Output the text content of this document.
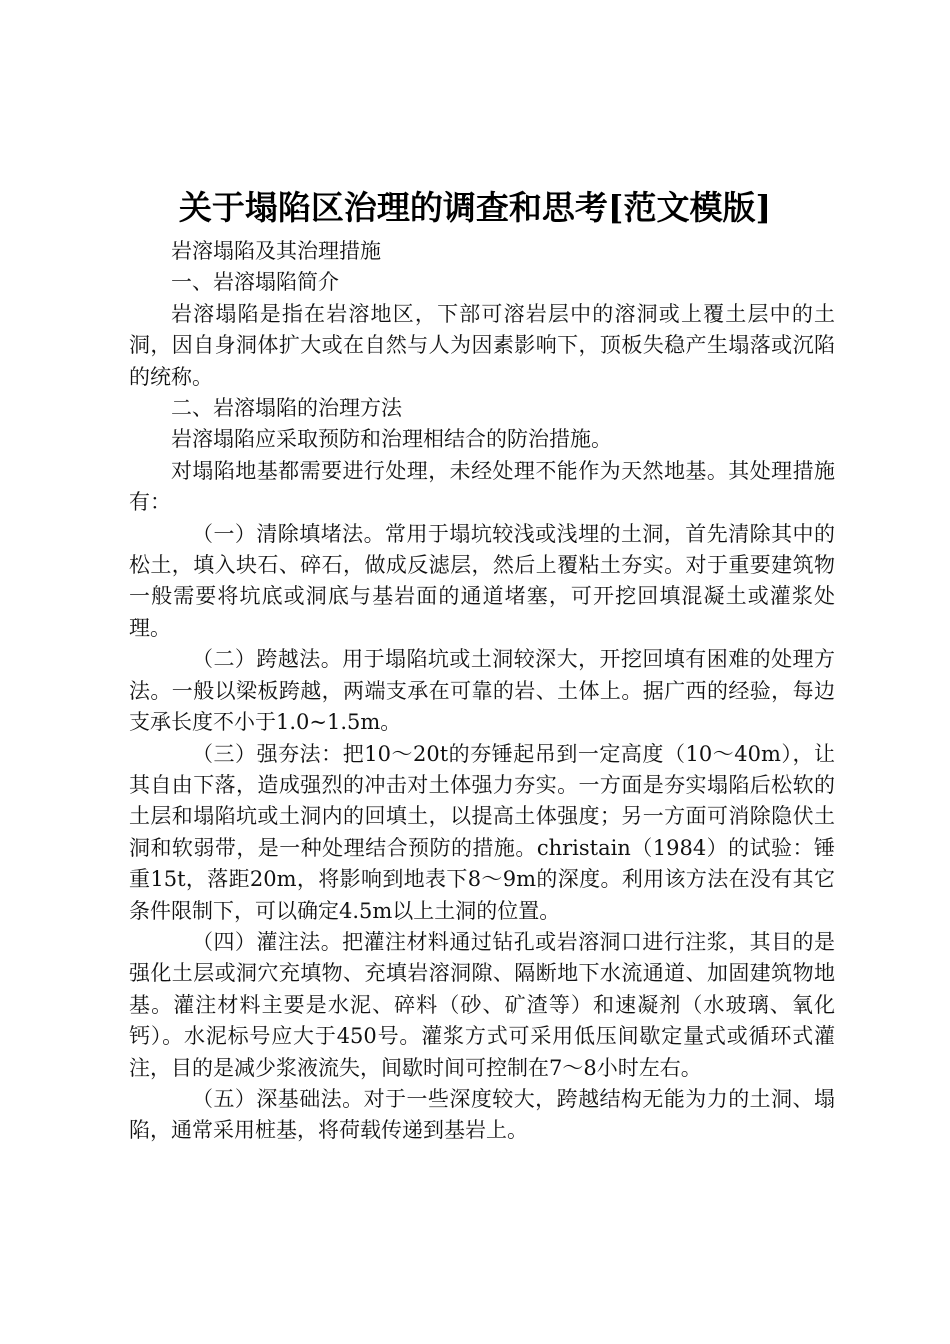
关于塌陷区治理的调查和思考[范文模版]

岩溶塌陷及其治理措施

一、岩溶塌陷简介

岩溶塌陷是指在岩溶地区，下部可溶岩层中的溶洞或上覆土层中的土洞，因自身洞体扩大或在自然与人为因素影响下，顶板失稳产生塌落或沉陷的统称。

二、岩溶塌陷的治理方法

岩溶塌陷应采取预防和治理相结合的防治措施。

对塌陷地基都需要进行处理，未经处理不能作为天然地基。其处理措施有：

（一）清除填堵法。常用于塌坑较浅或浅埋的土洞，首先清除其中的松土，填入块石、碎石，做成反滤层，然后上覆粘土夯实。对于重要建筑物一般需要将坑底或洞底与基岩面的通道堵塞，可开挖回填混凝土或灌浆处理。

（二）跨越法。用于塌陷坑或土洞较深大，开挖回填有困难的处理方法。一般以梁板跨越，两端支承在可靠的岩、土体上。据广西的经验，每边支承长度不小于1.0~1.5m。

（三）强夯法：把10～20t的夯锤起吊到一定高度（10～40m），让其自由下落，造成强烈的冲击对土体强力夯实。一方面是夯实塌陷后松软的土层和塌陷坑或土洞内的回填土，以提高土体强度；另一方面可消除隐伏土洞和软弱带，是一种处理结合预防的措施。christain（1984）的试验：锤重15t，落距20m，将影响到地表下8～9m的深度。利用该方法在没有其它条件限制下，可以确定4.5m以上土洞的位置。

（四）灌注法。把灌注材料通过钻孔或岩溶洞口进行注浆，其目的是强化土层或洞穴充填物、充填岩溶洞隙、隔断地下水流通道、加固建筑物地基。灌注材料主要是水泥、碎料（砂、矿渣等）和速凝剂（水玻璃、氧化钙）。水泥标号应大于450号。灌浆方式可采用低压间歇定量式或循环式灌注，目的是减少浆液流失，间歇时间可控制在7～8小时左右。

（五）深基础法。对于一些深度较大，跨越结构无能为力的土洞、塌陷，通常采用桩基，将荷载传递到基岩上。
